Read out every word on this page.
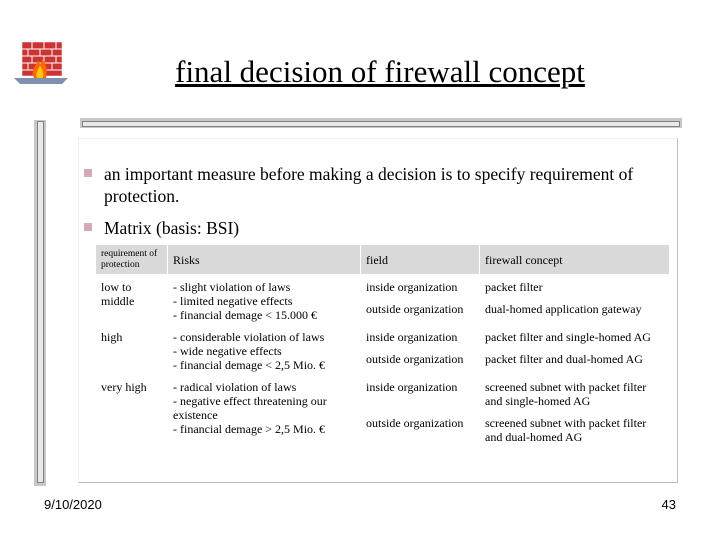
final decision of firewall concept
an important measure before making a decision is to specify requirement of protection.
Matrix (basis: BSI)
requirement of protection	Risks	field	firewall concept
low to middle	- slight violation of laws
- limited negative effects
- financial demage < 15.000 €	inside organization	packet filter
		outside organization	dual-homed application gateway
high	- considerable violation of laws
- wide negative effects
- financial demage < 2,5 Mio. €	inside organization	packet filter and single-homed AG
		outside organization	packet filter and dual-homed AG
very high	- radical violation of laws
- negative effect threatening our existence
- financial demage > 2,5 Mio. €	inside organization	screened subnet with packet filter and single-homed AG
		outside organization	screened subnet with packet filter and dual-homed AG
9/10/2020	43
